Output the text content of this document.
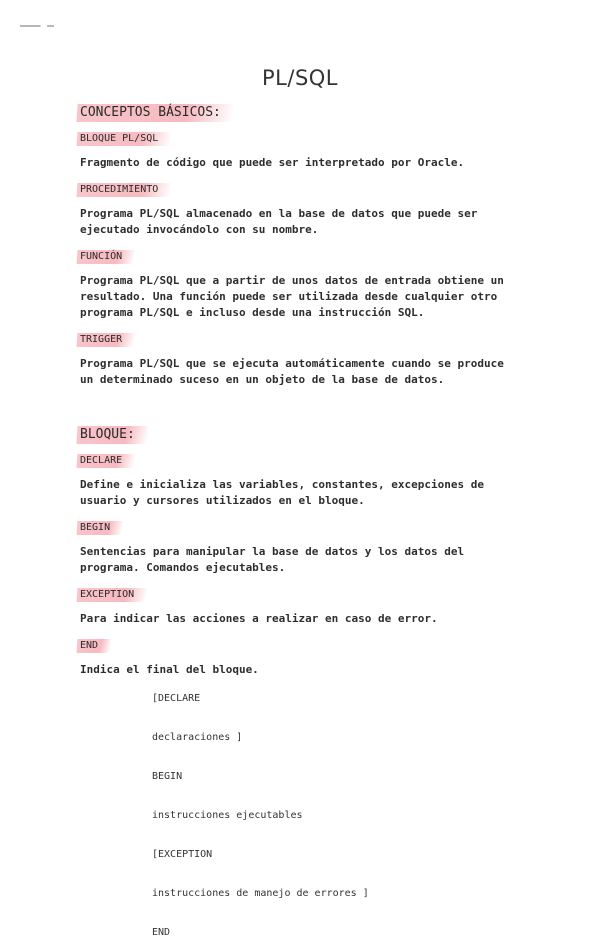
PL/SQL
CONCEPTOS BÁSICOS:
BLOQUE PL/SQL
Fragmento de código que puede ser interpretado por Oracle.
PROCEDIMIENTO
Programa PL/SQL almacenado en la base de datos que puede ser ejecutado invocándolo con su nombre.
FUNCIÓN
Programa PL/SQL que a partir de unos datos de entrada obtiene un resultado. Una función puede ser utilizada desde cualquier otro programa PL/SQL e incluso desde una instrucción SQL.
TRIGGER
Programa PL/SQL que se ejecuta automáticamente cuando se produce un determinado suceso en un objeto de la base de datos.
BLOQUE:
DECLARE
Define e inicializa las variables, constantes, excepciones de usuario y cursores utilizados en el bloque.
BEGIN
Sentencias para manipular la base de datos y los datos del programa. Comandos ejecutables.
EXCEPTION
Para indicar las acciones a realizar en caso de error.
END
Indica el final del bloque.

[DECLARE

declaraciones ]

BEGIN

instrucciones ejecutables

[EXCEPTION

instrucciones de manejo de errores ]

END
